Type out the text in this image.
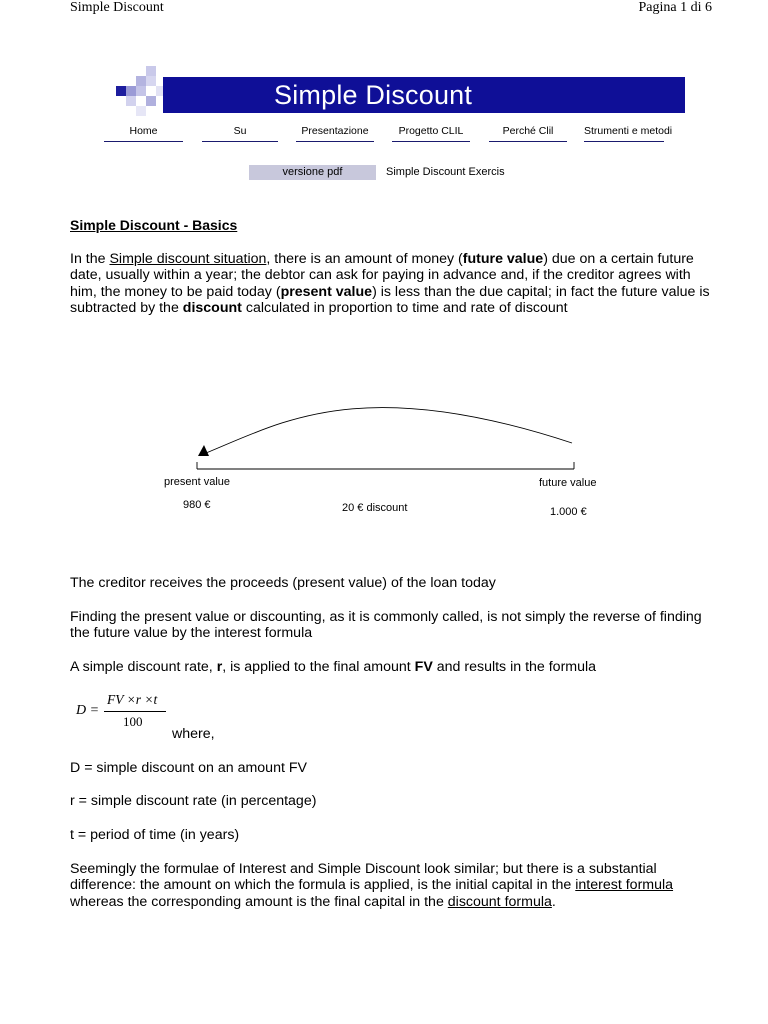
Simple Discount	Pagina 1 di 6
Simple Discount
Home	Su	Presentazione	Progetto CLIL	Perché Clil	Strumenti e metodi
versione pdf	Simple Discount Exercis
Simple Discount - Basics
In the Simple discount situation, there is an amount of money (future value) due on a certain future date, usually within a year; the debtor can ask for paying in advance and, if the creditor agrees with him, the money to be paid today (present value) is less than the due capital; in fact the future value is subtracted by the discount calculated in proportion to time and rate of discount
present value
980 €	20 € discount
future value
1.000 €
The creditor receives the proceeds (present value) of the loan today
Finding the present value or discounting, as it is commonly called, is not simply the reverse of finding the future value by the interest formula
A simple discount rate, r, is applied to the final amount FV and results in the formula
D =
FV ×r ×t
100
where,
D = simple discount on an amount FV
r = simple discount rate (in percentage)
t = period of time (in years)
Seemingly the formulae of Interest and Simple Discount look similar; but there is a substantial difference: the amount on which the formula is applied, is the initial capital in the interest formula whereas the corresponding amount is the final capital in the discount formula.
